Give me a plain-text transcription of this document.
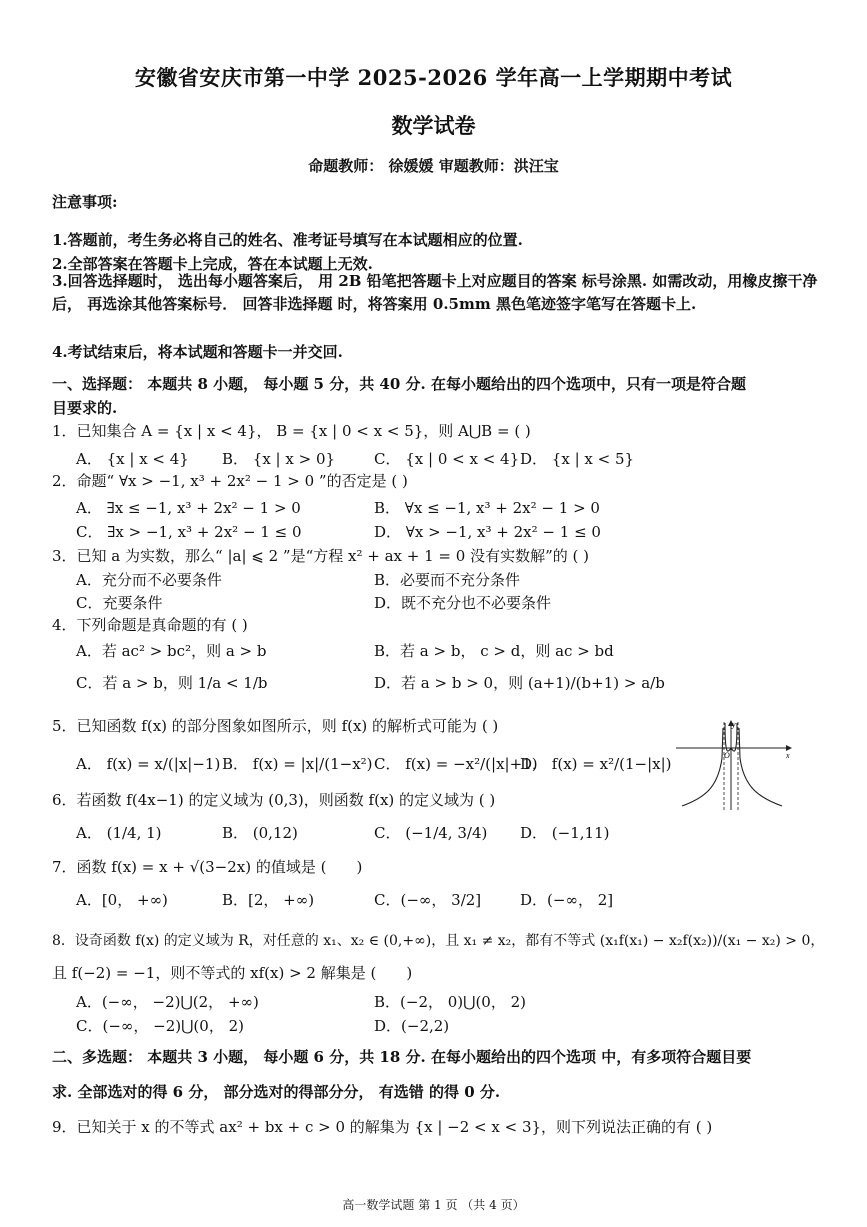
安徽省安庆市第一中学 2025-2026 学年高一上学期期中考试
数学试卷
命题教师： 徐媛媛 审题教师：洪汪宝
注意事项:
1.答题前，考生务必将自己的姓名、准考证号填写在本试题相应的位置.
2.全部答案在答题卡上完成，答在本试题上无效.
3.回答选择题时， 选出每小题答案后， 用 2B 铅笔把答题卡上对应题目的答案 标号涂黑. 如需改动，用橡皮擦干净后， 再选涂其他答案标号． 回答非选择题 时，将答案用 0.5mm 黑色笔迹签字笔写在答题卡上.
4.考试结束后，将本试题和答题卡一并交回.
一、选择题： 本题共 8 小题， 每小题 5 分，共 40 分. 在每小题给出的四个选项中，只有一项是符合题
目要求的.
1．已知集合 A = {x | x < 4}， B = {x | 0 < x < 5}，则 A⋃B = ( )
A． {x | x < 4} B． {x | x > 0}	C． {x | 0 < x < 4} D． {x | x < 5}
2．命题“ ∀x > −1, x³ + 2x² − 1 > 0 ”的否定是 ( )
A． ∃x ≤ −1, x³ + 2x² − 1 > 0	B． ∀x ≤ −1, x³ + 2x² − 1 > 0
C． ∃x > −1, x³ + 2x² − 1 ≤ 0	D． ∀x > −1, x³ + 2x² − 1 ≤ 0
3．已知 a 为实数，那么“ |a| ⩽ 2 ”是“方程 x² + ax + 1 = 0 没有实数解”的 ( )
A．充分而不必要条件	B．必要而不充分条件
C．充要条件	D．既不充分也不必要条件
4．下列命题是真命题的有 ( )
A．若 ac² > bc²，则 a > b	B．若 a > b， c > d，则 ac > bd
C．若 a > b，则 1/a < 1/b	D．若 a > b > 0，则 (a+1)/(b+1) > a/b
5．已知函数 f(x) 的部分图象如图所示，则 f(x) 的解析式可能为 ( )
A． f(x) = x/(|x|−1) B． f(x) = |x|/(1−x²) C． f(x) = −x²/(|x|+1)
D． f(x) = x²/(1−|x|)
y
x
O
6．若函数 f(4x−1) 的定义域为 (0,3)，则函数 f(x) 的定义域为 ( )
A． (1/4, 1)	B． (0,12)	C． (−1/4, 3/4) D． (−1,11)
7．函数 f(x) = x + √(3−2x) 的值域是 (　　)
A．[0， +∞)	B．[2， +∞)	C．(−∞， 3/2]	D．(−∞， 2]
8．设奇函数 f(x) 的定义域为 R，对任意的 x₁、x₂ ∈ (0,+∞)，且 x₁ ≠ x₂，都有不等式 (x₁f(x₁) − x₂f(x₂))/(x₁ − x₂) > 0，
且 f(−2) = −1，则不等式的 xf(x) > 2 解集是 (　　)
A．(−∞， −2)⋃(2， +∞)	B．(−2， 0)⋃(0， 2)
C．(−∞， −2)⋃(0， 2)	D．(−2,2)
二、多选题： 本题共 3 小题， 每小题 6 分，共 18 分. 在每小题给出的四个选项 中，有多项符合题目要
求. 全部选对的得 6 分， 部分选对的得部分分， 有选错 的得 0 分.
9．已知关于 x 的不等式 ax² + bx + c > 0 的解集为 {x | −2 < x < 3}，则下列说法正确的有 ( )
高一数学试题 第 1 页 （共 4 页）
